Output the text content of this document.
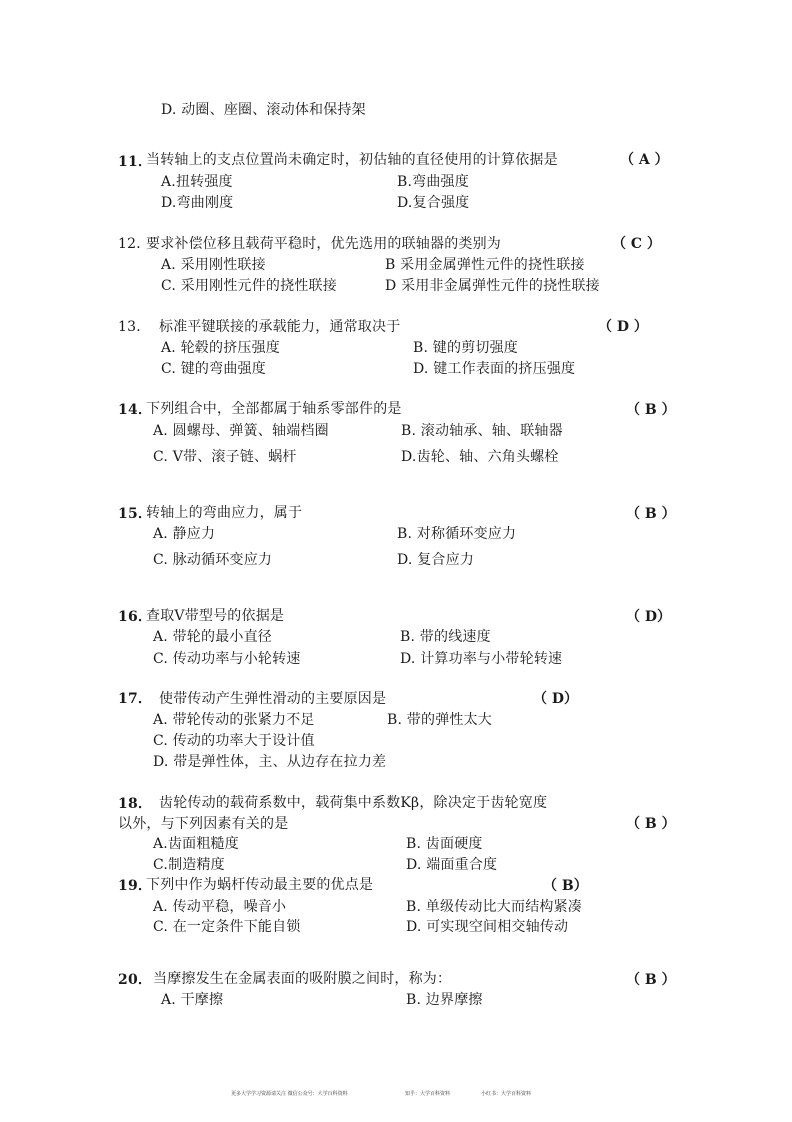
D. 动圈、座圈、滚动体和保持架
11．
当转轴上的支点位置尚未确定时，初估轴的直径使用的计算依据是	（ A ）
A.扭转强度	B.弯曲强度
D.弯曲刚度	D.复合强度
12．
要求补偿位移且载荷平稳时，优先选用的联轴器的类别为	（ C ）
A. 采用刚性联接	B 采用金属弹性元件的挠性联接
C. 采用刚性元件的挠性联接	D 采用非金属弹性元件的挠性联接
13． 标准平键联接的承载能力，通常取决于	（ D ）
A. 轮毂的挤压强度	B. 键的剪切强度
C. 键的弯曲强度	D. 键工作表面的挤压强度
14．
下列组合中，全部都属于轴系零部件的是	（ B ）
A. 圆螺母、弹簧、轴端档圈	B. 滚动轴承、轴、联轴器
C. V带、滚子链、蜗杆	D.齿轮、轴、六角头螺栓
15．
转轴上的弯曲应力，属于	（ B ）
A. 静应力	B. 对称循环变应力
C. 脉动循环变应力	D. 复合应力
16．
查取V带型号的依据是	（ D）
A. 带轮的最小直径	B. 带的线速度
C. 传动功率与小轮转速	D. 计算功率与小带轮转速
17． 使带传动产生弹性滑动的主要原因是	（ D）
A. 带轮传动的张紧力不足	B. 带的弹性太大
C. 传动的功率大于设计值
D. 带是弹性体，主、从边存在拉力差
18． 齿轮传动的载荷系数中，载荷集中系数Kβ，除决定于齿轮宽度
以外，与下列因素有关的是	（ B ）
A.齿面粗糙度	B. 齿面硬度
C.制造精度	D. 端面重合度
19．
下列中作为蜗杆传动最主要的优点是	（ B）
A. 传动平稳，噪音小	B. 单级传动比大而结构紧凑
C. 在一定条件下能自锁	D. 可实现空间相交轴传动
20． 当摩擦发生在金属表面的吸附膜之间时，称为：	（ B ）
A. 干摩擦	B. 边界摩擦
更多大学学习资源请关注 微信公众号：大学百科资料	知乎：大学百科资料	小红书：大学百科资料
